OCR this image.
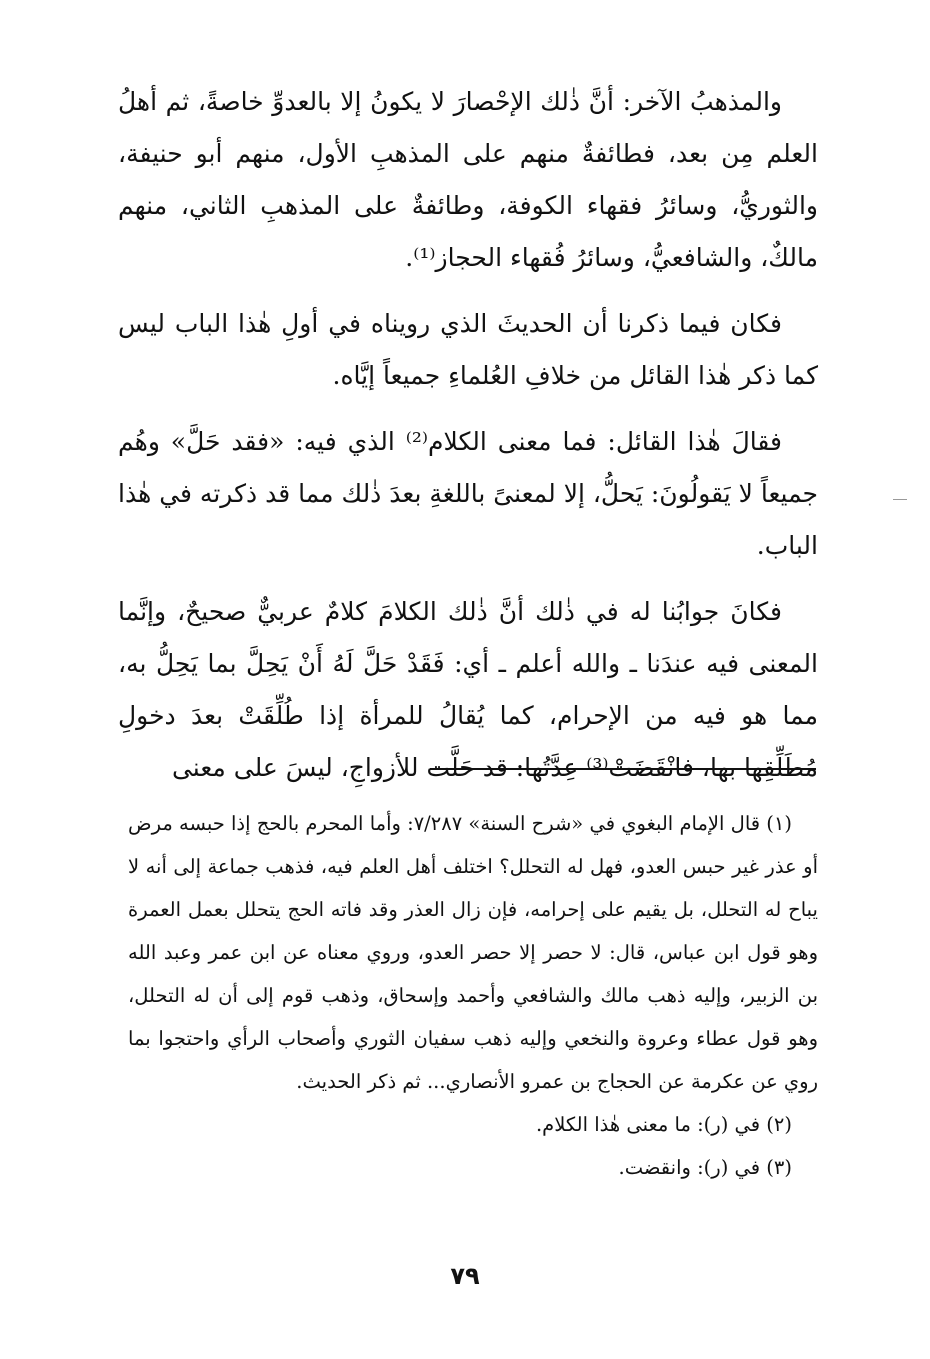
والمذهبُ الآخر: أنَّ ذٰلك الإحْصارَ لا يكونُ إلا بالعدوِّ خاصةً، ثم أهلُ العلم مِن بعد، فطائفةٌ منهم على المذهبِ الأول، منهم أبو حنيفة، والثوريُّ، وسائرُ فقهاء الكوفة، وطائفةٌ على المذهبِ الثاني، منهم مالكٌ، والشافعيُّ، وسائرُ فُقهاء الحجاز⁽¹⁾.

فكان فيما ذكرنا أن الحديثَ الذي رويناه في أولِ هٰذا الباب ليس كما ذكر هٰذا القائل من خلافِ العُلماءِ جميعاً إيَّاه.

فقالَ هٰذا القائل: فما معنى الكلام⁽²⁾ الذي فيه: «فقد حَلَّ» وهُم جميعاً لا يَقولُونَ: يَحلُّ، إلا لمعنىً باللغةِ بعدَ ذٰلك مما قد ذكرته في هٰذا الباب.

فكانَ جوابُنا له في ذٰلك أنَّ ذٰلك الكلامَ كلامٌ عربيٌّ صحيحٌ، وإنَّما المعنى فيه عندَنا ـ والله أعلم ـ أي: فَقَدْ حَلَّ لَهُ أَنْ يَحِلَّ بما يَحِلُّ به، مما هو فيه من الإحرام، كما يُقالُ للمرأة إذا طُلِّقَتْ بعدَ دخولِ مُطَلِّقِها بها، فانْقَضَتْ⁽³⁾ عِدَّتُها: قد حَلَّت للأزواجِ، ليسَ على معنى

(١) قال الإمام البغوي في «شرح السنة» ٧/٢٨٧: وأما المحرم بالحج إذا حبسه مرض أو عذر غير حبس العدو، فهل له التحلل؟ اختلف أهل العلم فيه، فذهب جماعة إلى أنه لا يباح له التحلل، بل يقيم على إحرامه، فإن زال العذر وقد فاته الحج يتحلل بعمل العمرة وهو قول ابن عباس، قال: لا حصر إلا حصر العدو، وروي معناه عن ابن عمر وعبد الله بن الزبير، وإليه ذهب مالك والشافعي وأحمد وإسحاق، وذهب قوم إلى أن له التحلل، وهو قول عطاء وعروة والنخعي وإليه ذهب سفيان الثوري وأصحاب الرأي واحتجوا بما روي عن عكرمة عن الحجاج بن عمرو الأنصاري... ثم ذكر الحديث.

(٢) في (ر): ما معنى هٰذا الكلام.

(٣) في (ر): وانقضت.

٧٩
